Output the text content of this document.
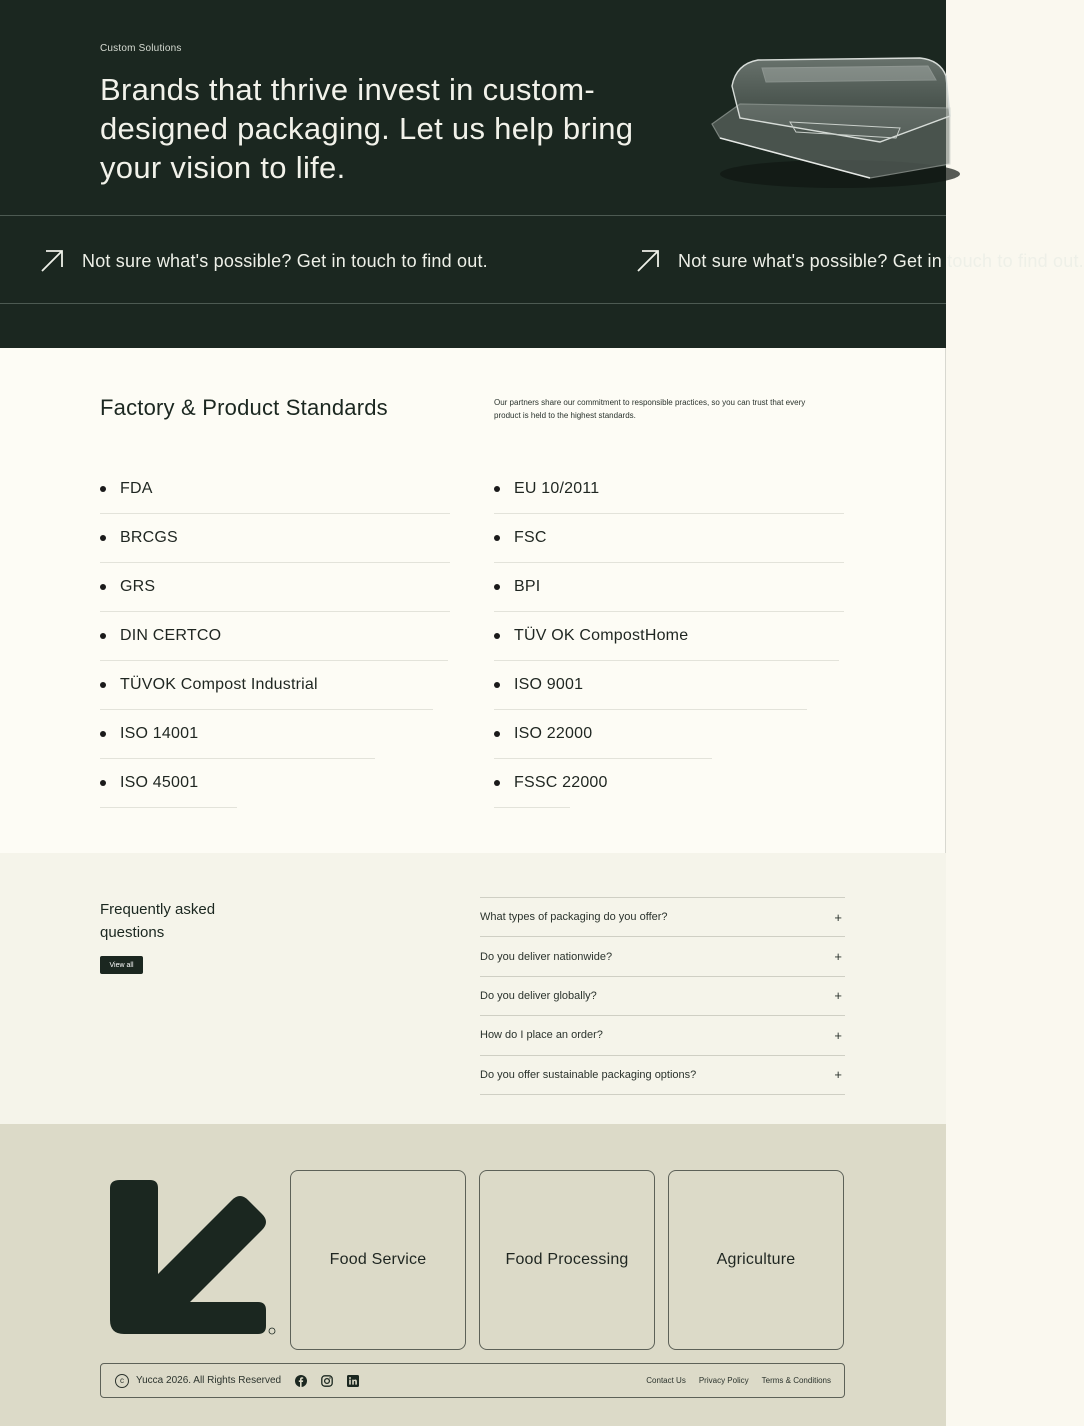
Custom Solutions
Brands that thrive invest in custom-designed packaging. Let us help bring your vision to life.
Not sure what's possible? Get in touch to find out.	Not sure what's possible? Get in touch to find out.
Factory & Product Standards	Our partners share our commitment to responsible practices, so you can trust that every product is held to the highest standards.

FDA
BRCGS
GRS
DIN CERTCO
TÜVOK Compost Industrial
ISO 14001
ISO 45001
EU 10/2011
FSC
BPI
TÜV OK CompostHome
ISO 9001
ISO 22000
FSSC 22000
Frequently asked questions
View all
What types of packaging do you offer?	+
Do you deliver nationwide?	+
Do you deliver globally?	+
How do I place an order?	+
Do you offer sustainable packaging options?	+
Food Service	Food Processing	Agriculture
c	Yucca 2026. All Rights Reserved	Contact Us Privacy Policy Terms & Conditions
